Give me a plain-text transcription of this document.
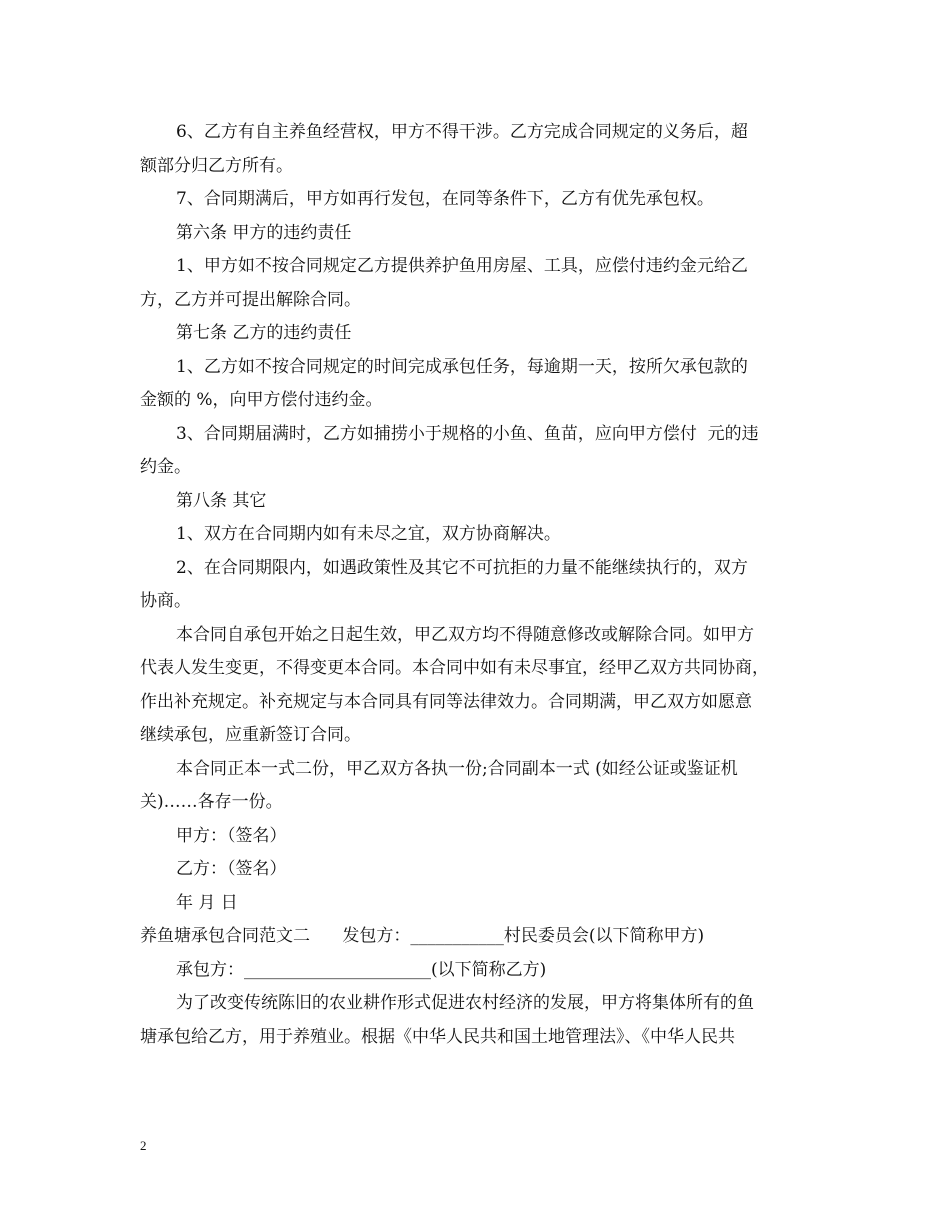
6、乙方有自主养鱼经营权，甲方不得干涉。乙方完成合同规定的义务后，超
额部分归乙方所有。
7、合同期满后，甲方如再行发包，在同等条件下，乙方有优先承包权。
第六条 甲方的违约责任
1、甲方如不按合同规定乙方提供养护鱼用房屋、工具，应偿付违约金元给乙
方，乙方并可提出解除合同。
第七条 乙方的违约责任
1、乙方如不按合同规定的时间完成承包任务，每逾期一天，按所欠承包款的
金额的 %，向甲方偿付违约金。
3、合同期届满时，乙方如捕捞小于规格的小鱼、鱼苗，应向甲方偿付  元的违
约金。
第八条 其它
1、双方在合同期内如有未尽之宜，双方协商解决。
2、在合同期限内，如遇政策性及其它不可抗拒的力量不能继续执行的，双方
协商。
本合同自承包开始之日起生效，甲乙双方均不得随意修改或解除合同。如甲方
代表人发生变更，不得变更本合同。本合同中如有未尽事宜，经甲乙双方共同协商，
作出补充规定。补充规定与本合同具有同等法律效力。合同期满，甲乙双方如愿意
继续承包，应重新签订合同。
本合同正本一式二份，甲乙双方各执一份;合同副本一式 (如经公证或鉴证机
关)……各存一份。
甲方：（签名）
乙方：（签名）
年 月 日
养鱼塘承包合同范文二      发包方：___________村民委员会(以下简称甲方)
承包方：______________________(以下简称乙方)
为了改变传统陈旧的农业耕作形式促进农村经济的发展，甲方将集体所有的鱼
塘承包给乙方，用于养殖业。根据《中华人民共和国土地管理法》、《中华人民共
2
